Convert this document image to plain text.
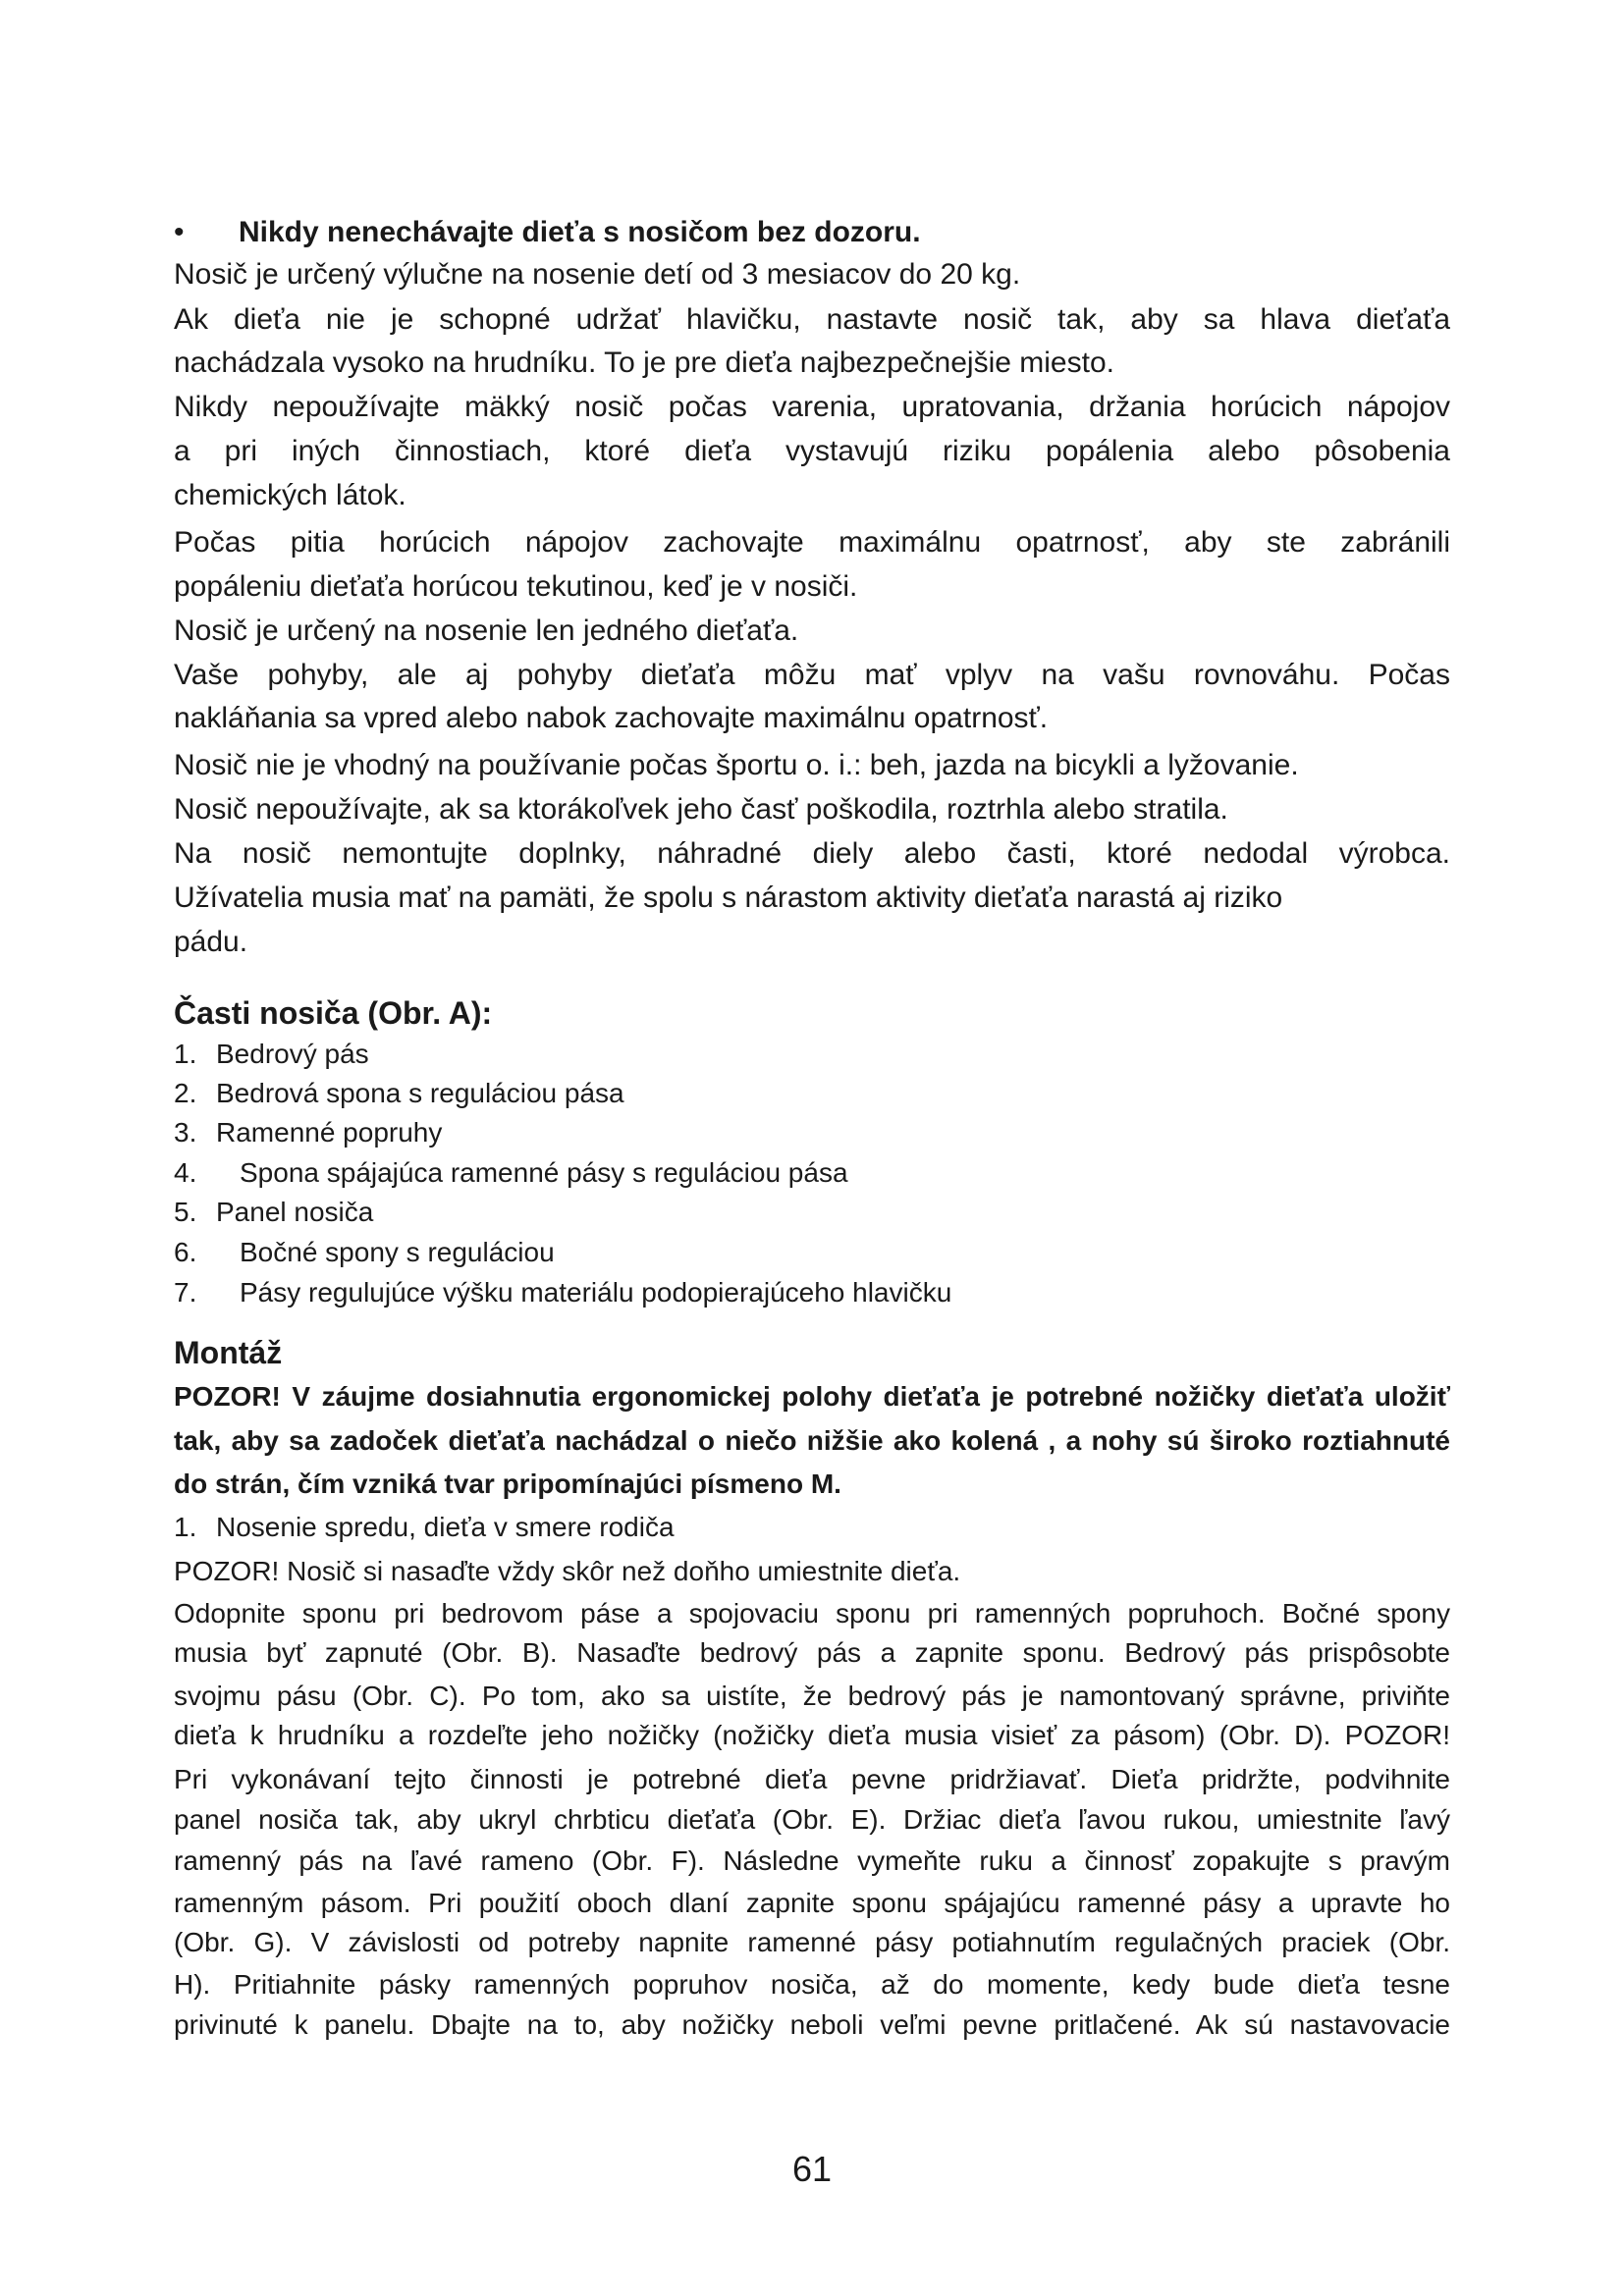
•	Nikdy nenechávajte dieťa s nosičom bez dozoru.
Nosič je určený výlučne na nosenie detí od 3 mesiacov do 20 kg.
Ak dieťa nie je schopné udržať hlavičku, nastavte nosič tak, aby sa hlava dieťaťa
nachádzala vysoko na hrudníku. To je pre dieťa najbezpečnejšie miesto.
Nikdy nepoužívajte mäkký nosič počas varenia, upratovania, držania horúcich nápojov
a pri iných činnostiach, ktoré dieťa vystavujú riziku popálenia alebo pôsobenia
chemických látok.
Počas pitia horúcich nápojov zachovajte maximálnu opatrnosť, aby ste zabránili
popáleniu dieťaťa horúcou tekutinou, keď je v nosiči.
Nosič je určený na nosenie len jedného dieťaťa.
Vaše pohyby, ale aj pohyby dieťaťa môžu mať vplyv na vašu rovnováhu. Počas
nakláňania sa vpred alebo nabok zachovajte maximálnu opatrnosť.
Nosič nie je vhodný na používanie počas športu o. i.: beh, jazda na bicykli a lyžovanie.
Nosič nepoužívajte, ak sa ktorákoľvek jeho časť poškodila, roztrhla alebo stratila.
Na nosič nemontujte doplnky, náhradné diely alebo časti, ktoré nedodal výrobca.
Užívatelia musia mať na pamäti, že spolu s nárastom aktivity dieťaťa narastá aj riziko
pádu.
Časti nosiča (Obr. A):
1. Bedrový pás
2. Bedrová spona s reguláciou pása
3. Ramenné popruhy
4. Spona spájajúca ramenné pásy s reguláciou pása
5. Panel nosiča
6. Bočné spony s reguláciou
7. Pásy regulujúce výšku materiálu podopierajúceho hlavičku
Montáž
POZOR! V záujme dosiahnutia ergonomickej polohy dieťaťa je potrebné nožičky dieťaťa uložiť
tak, aby sa zadoček dieťaťa nachádzal o niečo nižšie ako kolená , a nohy sú široko roztiahnuté
do strán, čím vzniká tvar pripomínajúci písmeno M.
1. Nosenie spredu, dieťa v smere rodiča
POZOR! Nosič si nasaďte vždy skôr než doňho umiestnite dieťa.
Odopnite sponu pri bedrovom páse a spojovaciu sponu pri ramenných popruhoch. Bočné spony
musia byť zapnuté (Obr. B). Nasaďte bedrový pás a zapnite sponu. Bedrový pás prispôsobte
svojmu pásu (Obr. C). Po tom, ako sa uistíte, že bedrový pás je namontovaný správne, priviňte
dieťa k hrudníku a rozdeľte jeho nožičky (nožičky dieťa musia visieť za pásom) (Obr. D). POZOR!
Pri vykonávaní tejto činnosti je potrebné dieťa pevne pridržiavať. Dieťa pridržte, podvihnite
panel nosiča tak, aby ukryl chrbticu dieťaťa (Obr. E). Držiac dieťa ľavou rukou, umiestnite ľavý
ramenný pás na ľavé rameno (Obr. F). Následne vymeňte ruku a činnosť zopakujte s pravým
ramenným pásom. Pri použití oboch dlaní zapnite sponu spájajúcu ramenné pásy a upravte ho
(Obr. G). V závislosti od potreby napnite ramenné pásy potiahnutím regulačných praciek (Obr.
H). Pritiahnite pásky ramenných popruhov nosiča, až do momente, kedy bude dieťa tesne
privinuté k panelu. Dbajte na to, aby nožičky neboli veľmi pevne pritlačené. Ak sú nastavovacie
61
